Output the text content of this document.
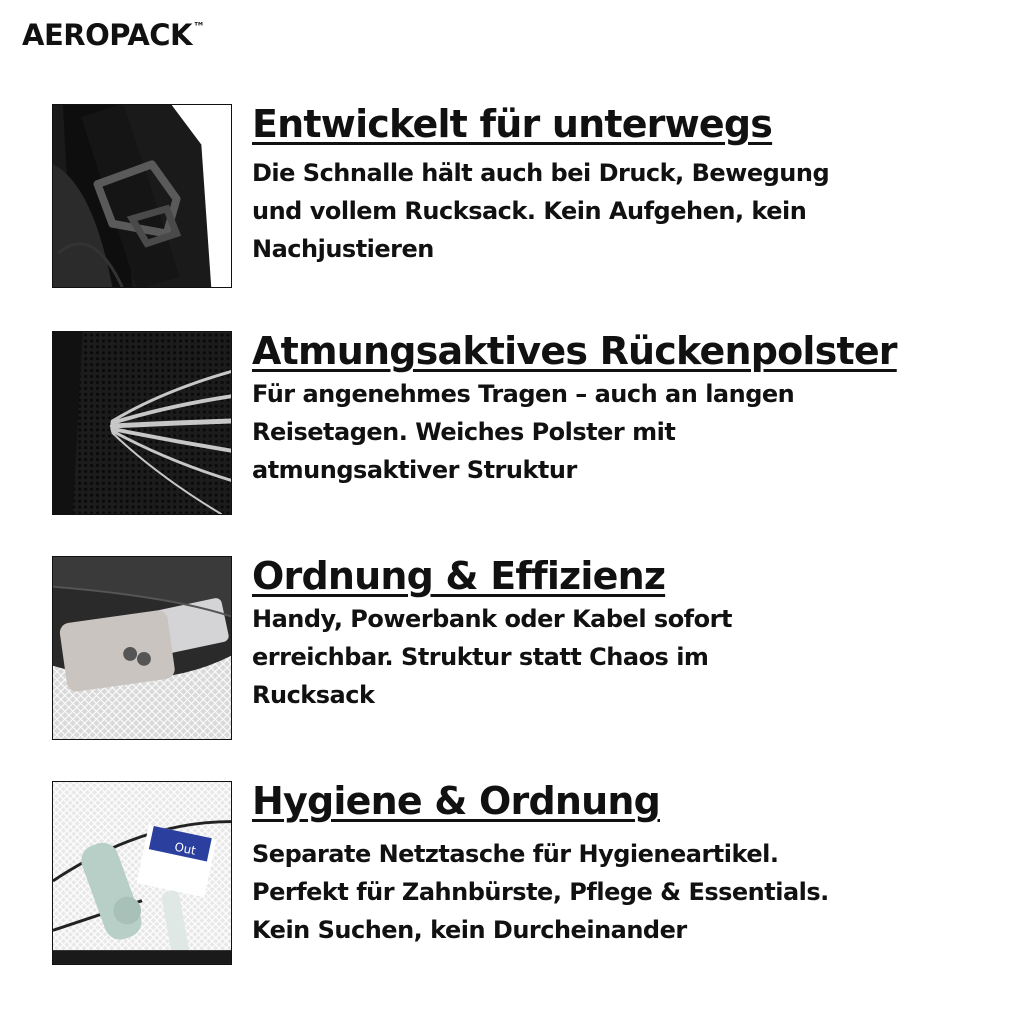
AEROPACK™
Entwickelt für unterwegs

Die Schnalle hält auch bei Druck, Bewegung
und vollem Rucksack. Kein Aufgehen, kein
Nachjustieren

Atmungsaktives Rückenpolster

Für angenehmes Tragen – auch an langen
Reisetagen. Weiches Polster mit
atmungsaktiver Struktur

Ordnung & Effizienz

Handy, Powerbank oder Kabel sofort
erreichbar. Struktur statt Chaos im
Rucksack

Out
Hygiene & Ordnung

Separate Netztasche für Hygieneartikel.
Perfekt für Zahnbürste, Pflege & Essentials.
Kein Suchen, kein Durcheinander
